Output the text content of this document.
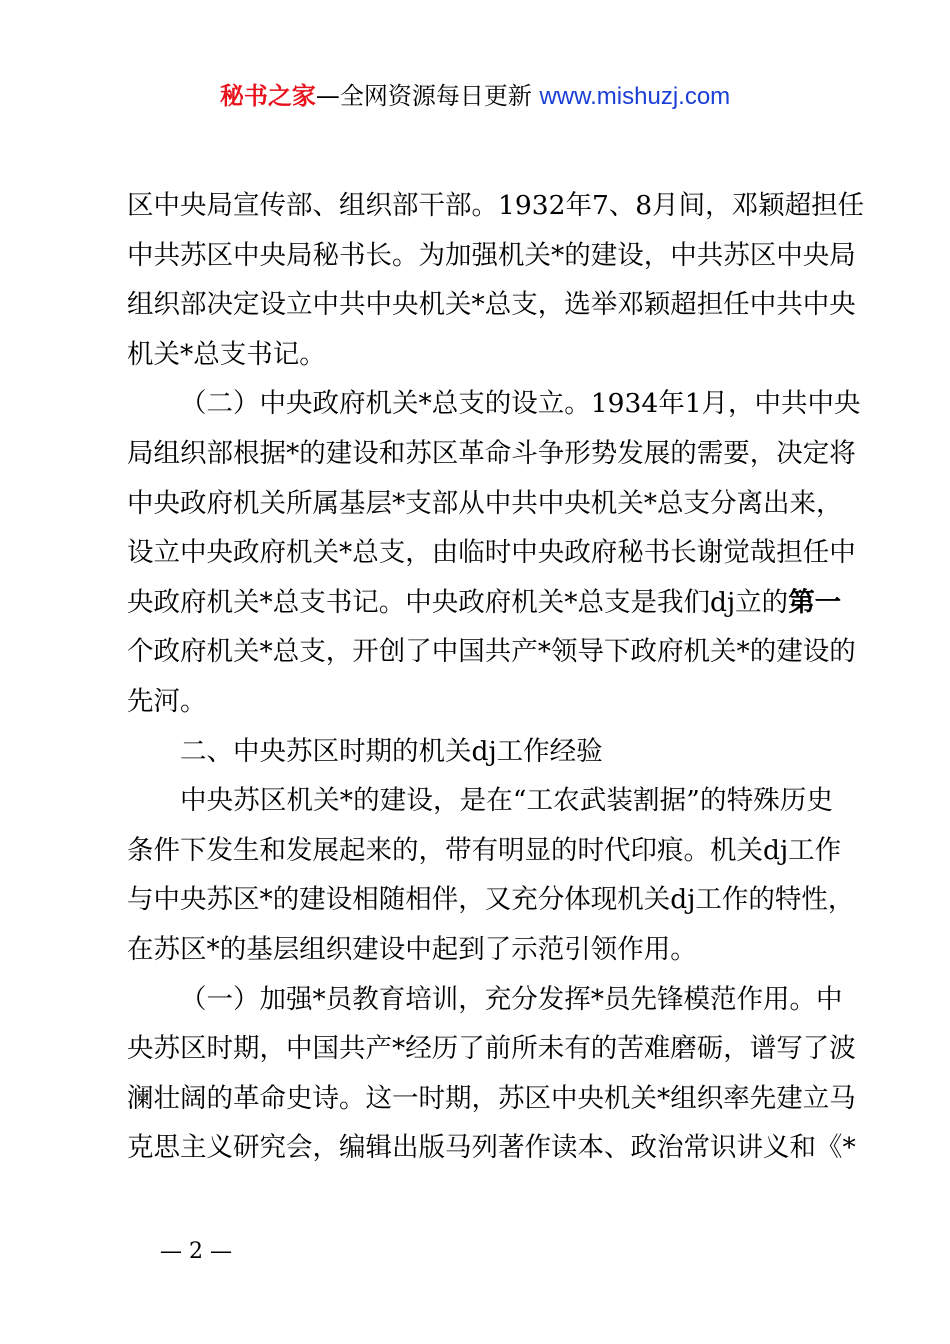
秘书之家—全网资源每日更新 www.mishuzj.com
区中央局宣传部、组织部干部。1932年7、8月间，邓颖超担任
中共苏区中央局秘书长。为加强机关*的建设，中共苏区中央局
组织部决定设立中共中央机关*总支，选举邓颖超担任中共中央
机关*总支书记。
（二）中央政府机关*总支的设立。1934年1月，中共中央
局组织部根据*的建设和苏区革命斗争形势发展的需要，决定将
中央政府机关所属基层*支部从中共中央机关*总支分离出来，
设立中央政府机关*总支，由临时中央政府秘书长谢觉哉担任中
央政府机关*总支书记。中央政府机关*总支是我们dj立的第一
个政府机关*总支，开创了中国共产*领导下政府机关*的建设的
先河。
二、中央苏区时期的机关dj工作经验
中央苏区机关*的建设，是在“工农武装割据”的特殊历史
条件下发生和发展起来的，带有明显的时代印痕。机关dj工作
与中央苏区*的建设相随相伴，又充分体现机关dj工作的特性，
在苏区*的基层组织建设中起到了示范引领作用。
（一）加强*员教育培训，充分发挥*员先锋模范作用。中
央苏区时期，中国共产*经历了前所未有的苦难磨砺，谱写了波
澜壮阔的革命史诗。这一时期，苏区中央机关*组织率先建立马
克思主义研究会，编辑出版马列著作读本、政治常识讲义和《*
— 2 —
